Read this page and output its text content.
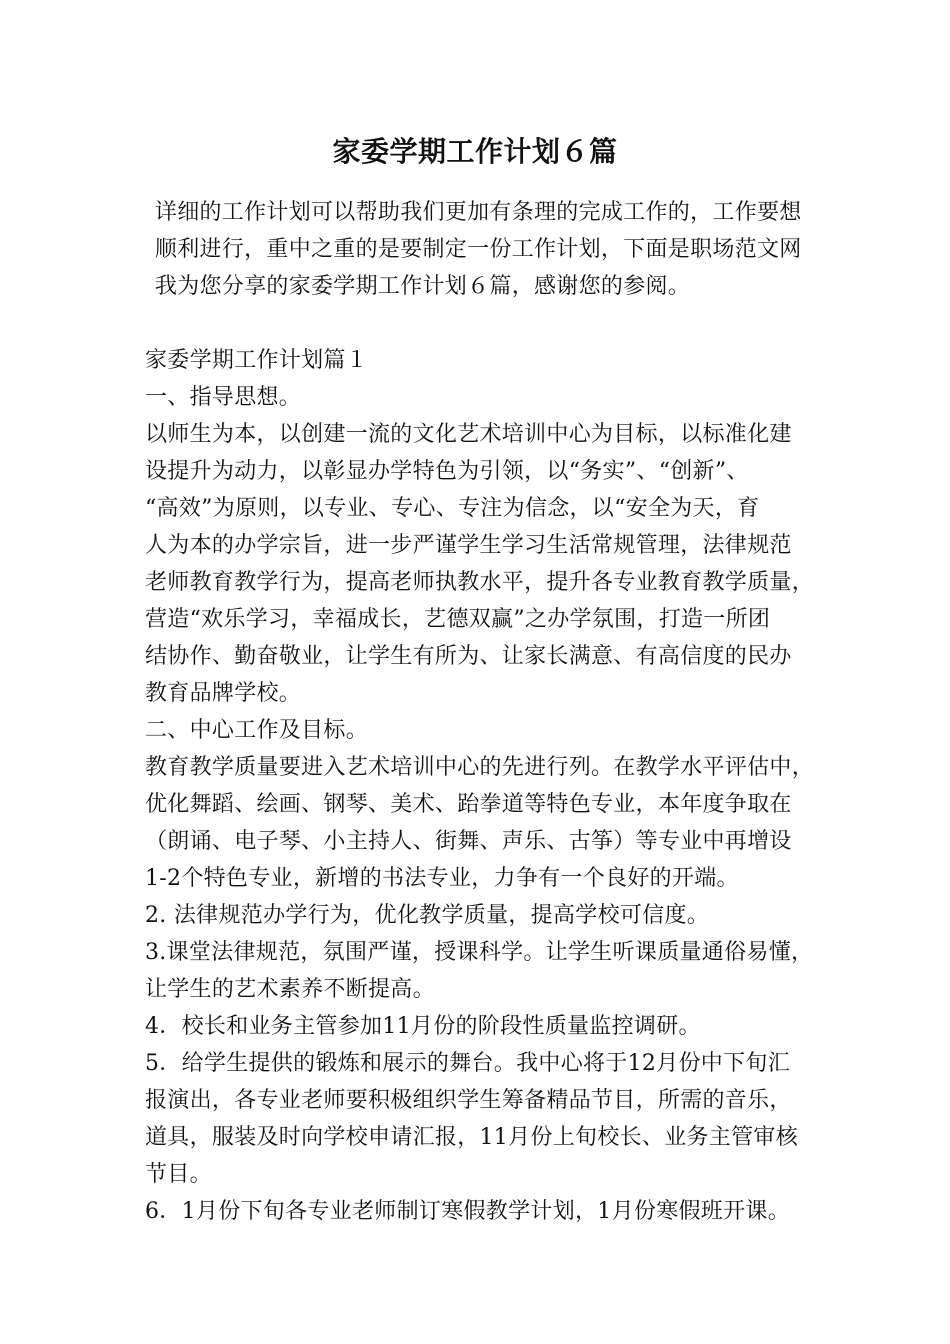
家委学期工作计划６篇
详细的工作计划可以帮助我们更加有条理的完成工作的，工作要想
顺利进行，重中之重的是要制定一份工作计划，下面是职场范文网
我为您分享的家委学期工作计划６篇，感谢您的参阅。
家委学期工作计划篇１
一、指导思想。
以师生为本，以创建一流的文化艺术培训中心为目标，以标准化建
设提升为动力，以彰显办学特色为引领，以“务实”、“创新”、
“高效”为原则，以专业、专心、专注为信念，以“安全为天，育
人为本的办学宗旨，进一步严谨学生学习生活常规管理，法律规范
老师教育教学行为，提高老师执教水平，提升各专业教育教学质量，
营造“欢乐学习，幸福成长，艺德双赢”之办学氛围，打造一所团
结协作、勤奋敬业，让学生有所为、让家长满意、有高信度的民办
教育品牌学校。
二、中心工作及目标。
教育教学质量要进入艺术培训中心的先进行列。在教学水平评估中，
优化舞蹈、绘画、钢琴、美术、跆拳道等特色专业，本年度争取在
（朗诵、电子琴、小主持人、街舞、声乐、古筝）等专业中再增设
1-2个特色专业，新增的书法专业，力争有一个良好的开端。
2. 法律规范办学行为，优化教学质量，提高学校可信度。
3.课堂法律规范，氛围严谨，授课科学。让学生听课质量通俗易懂，
让学生的艺术素养不断提高。
4．校长和业务主管参加11月份的阶段性质量监控调研。
5．给学生提供的锻炼和展示的舞台。我中心将于12月份中下旬汇
报演出，各专业老师要积极组织学生筹备精品节目，所需的音乐，
道具，服装及时向学校申请汇报，11月份上旬校长、业务主管审核
节目。
6．1月份下旬各专业老师制订寒假教学计划，1月份寒假班开课。
